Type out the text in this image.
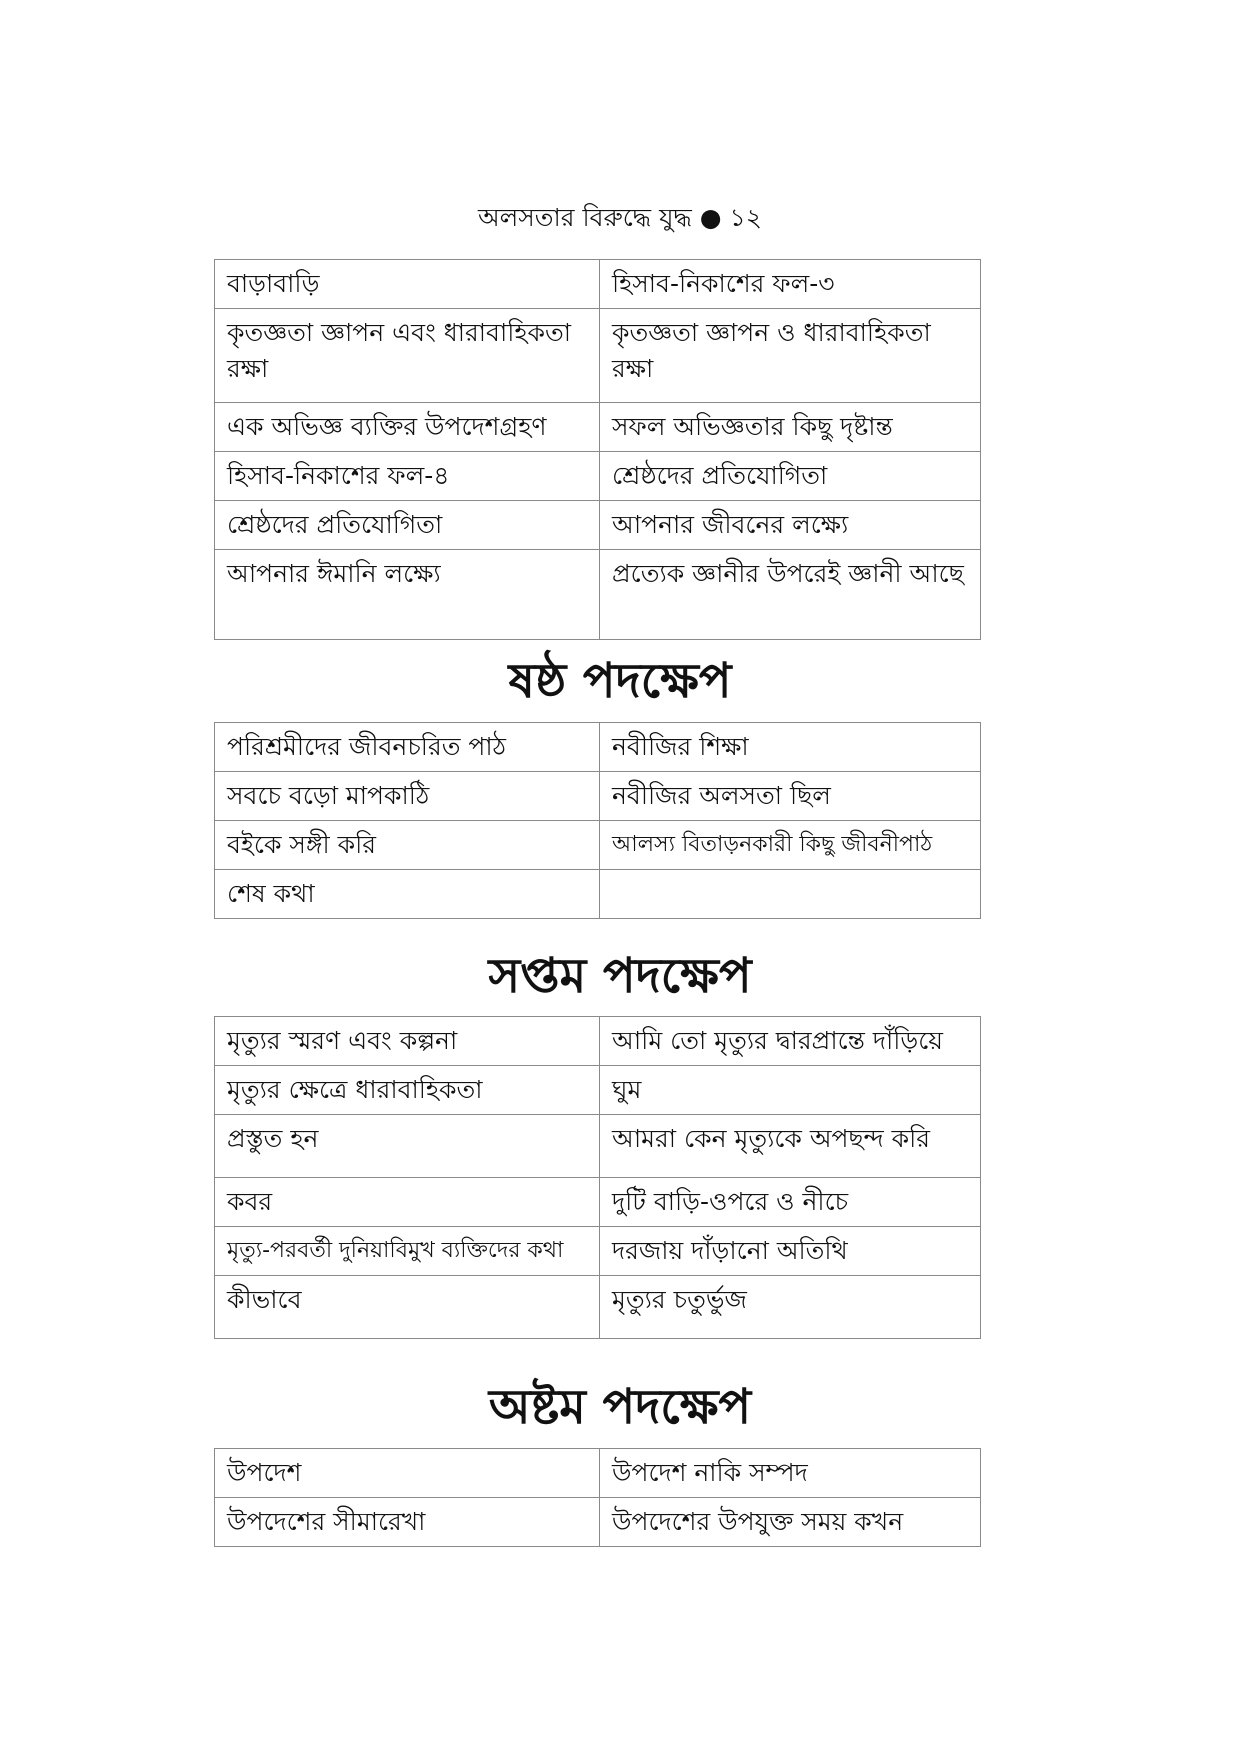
অলসতার বিরুদ্ধে যুদ্ধ ● ১২
বাড়াবাড়ি	হিসাব-নিকাশের ফল-৩
কৃতজ্ঞতা জ্ঞাপন এবং ধারাবাহিকতা রক্ষা	কৃতজ্ঞতা জ্ঞাপন ও ধারাবাহিকতা রক্ষা
এক অভিজ্ঞ ব্যক্তির উপদেশগ্রহণ	সফল অভিজ্ঞতার কিছু দৃষ্টান্ত
হিসাব-নিকাশের ফল-৪	শ্রেষ্ঠদের প্রতিযোগিতা
শ্রেষ্ঠদের প্রতিযোগিতা	আপনার জীবনের লক্ষ্যে
আপনার ঈমানি লক্ষ্যে	প্রত্যেক জ্ঞানীর উপরেই জ্ঞানী আছে
ষষ্ঠ পদক্ষেপ
পরিশ্রমীদের জীবনচরিত পাঠ	নবীজির শিক্ষা
সবচে বড়ো মাপকাঠি	নবীজির অলসতা ছিল
বইকে সঙ্গী করি	আলস্য বিতাড়নকারী কিছু জীবনীপাঠ
শেষ কথা	
সপ্তম পদক্ষেপ
মৃত্যুর স্মরণ এবং কল্পনা	আমি তো মৃত্যুর দ্বারপ্রান্তে দাঁড়িয়ে
মৃত্যুর ক্ষেত্রে ধারাবাহিকতা	ঘুম
প্রস্তুত হন	আমরা কেন মৃত্যুকে অপছন্দ করি
কবর	দুটি বাড়ি-ওপরে ও নীচে
মৃত্যু-পরবর্তী দুনিয়াবিমুখ ব্যক্তিদের কথা	দরজায় দাঁড়ানো অতিথি
কীভাবে	মৃত্যুর চতুর্ভুজ
অষ্টম পদক্ষেপ
উপদেশ	উপদেশ নাকি সম্পদ
উপদেশের সীমারেখা	উপদেশের উপযুক্ত সময় কখন
